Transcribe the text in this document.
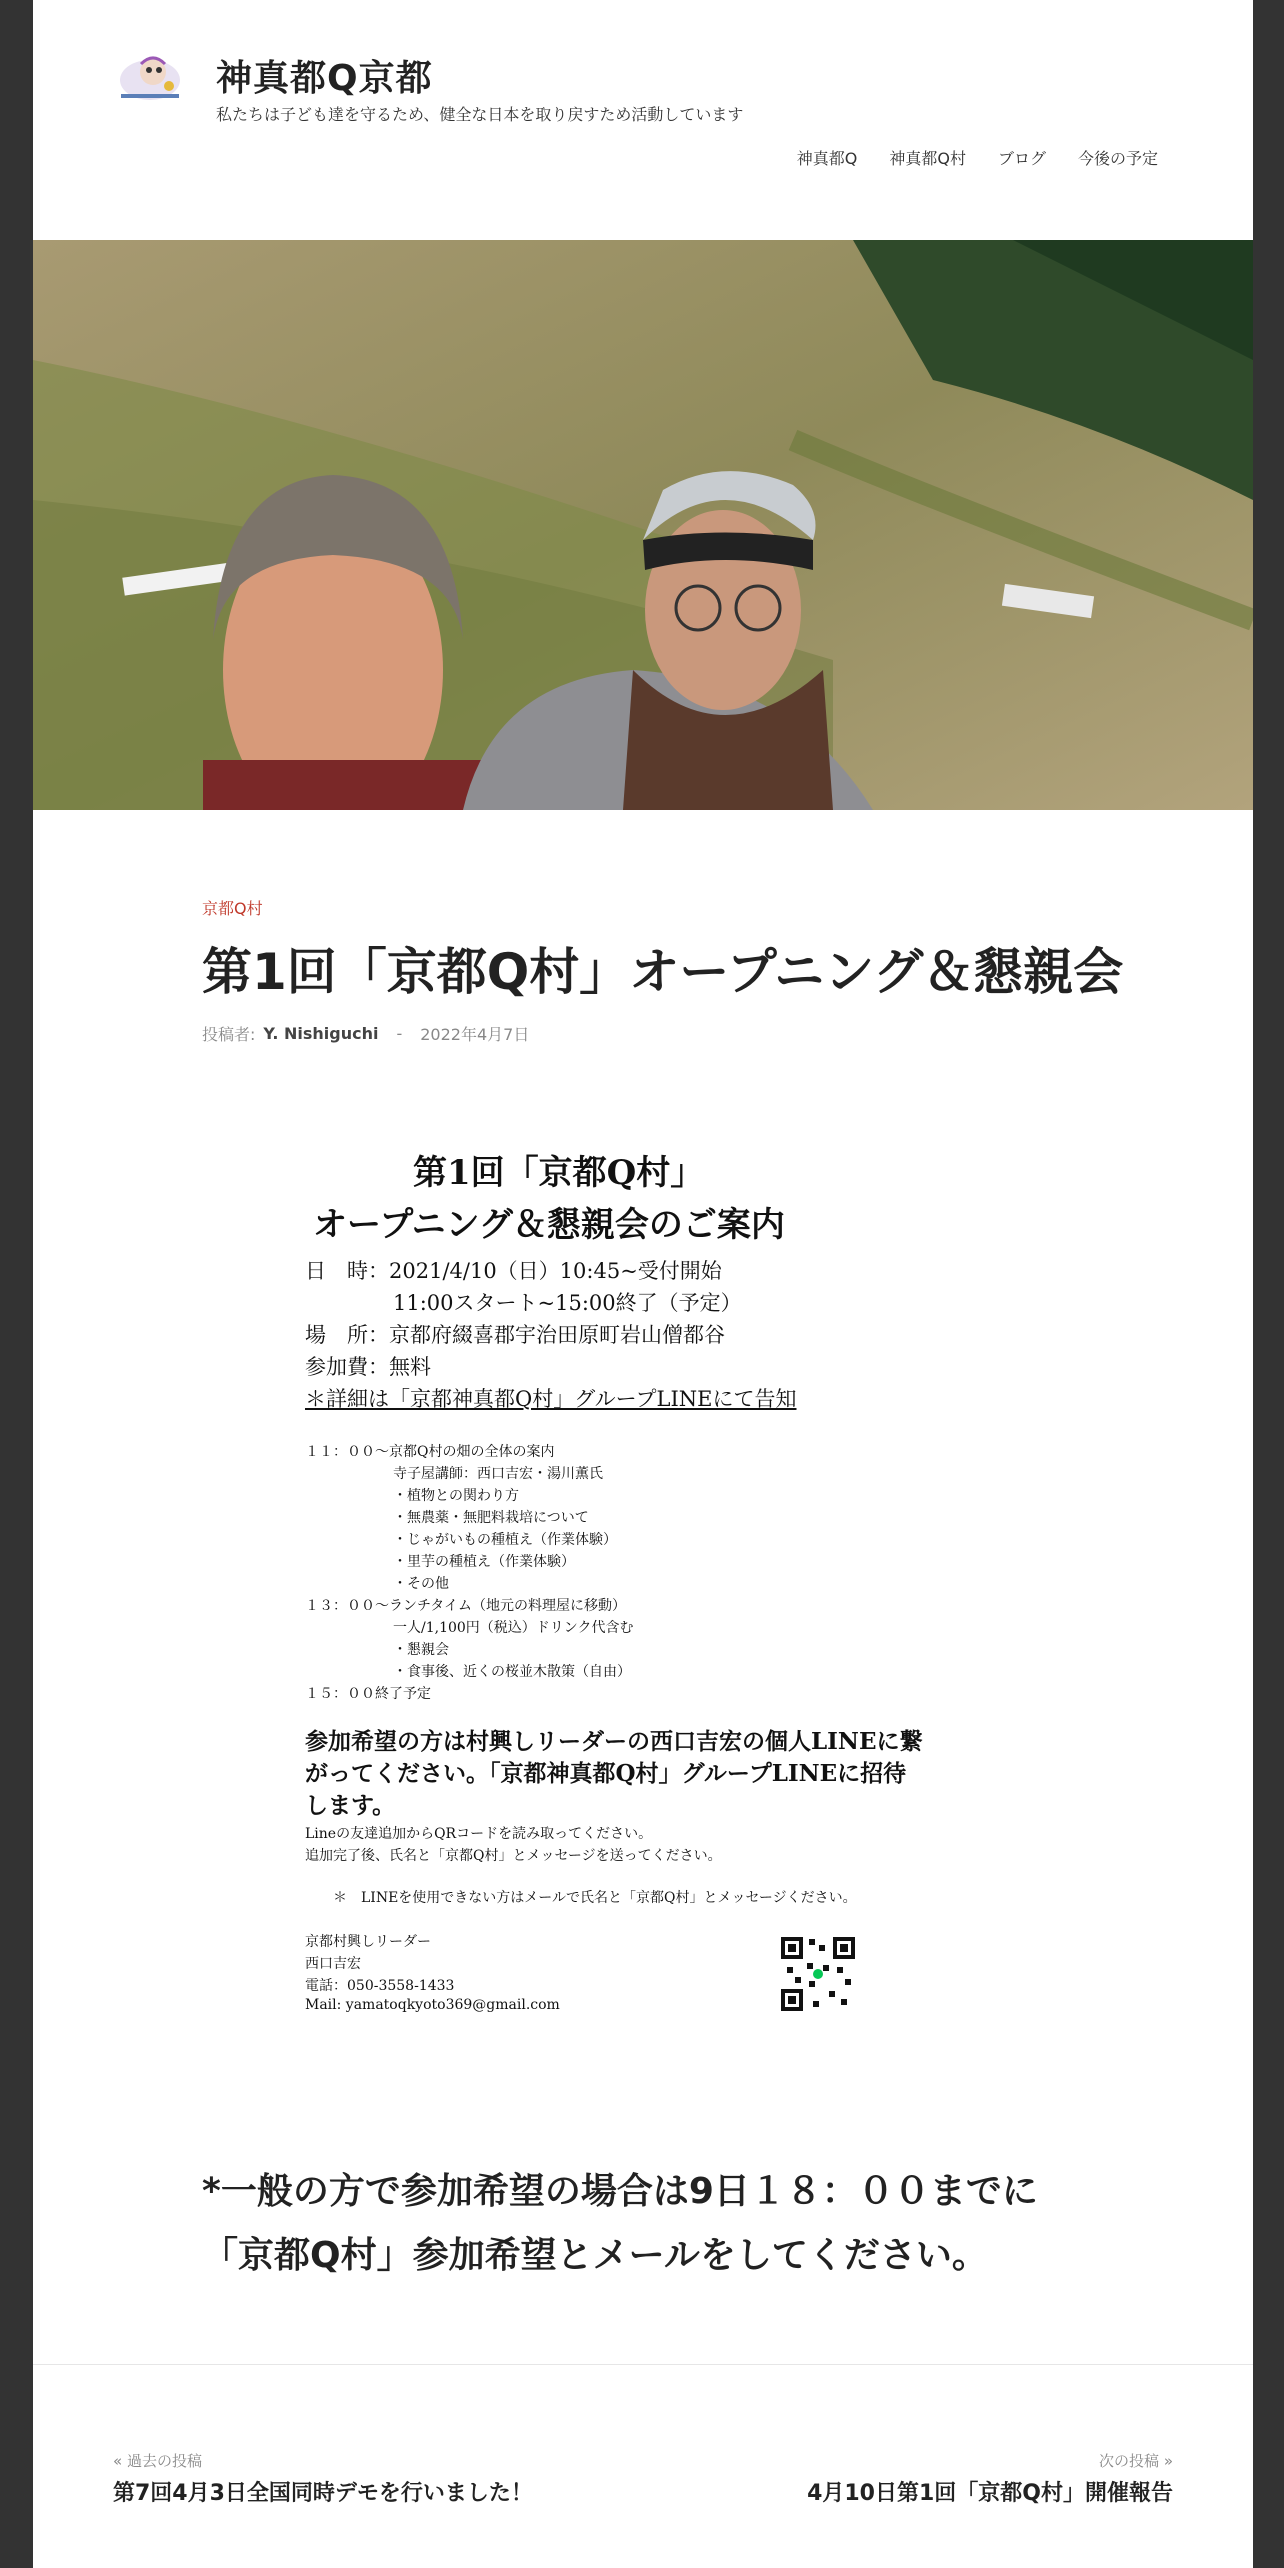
神真都Q京都
私たちは子ども達を守るため、健全な日本を取り戻すため活動しています
神真都Q 神真都Q村 ブログ 今後の予定
京都Q村
第1回「京都Q村」オープニング＆懇親会
投稿者: Y. Nishiguchi - 2022年4月7日
第1回「京都Q村」
オープニング＆懇親会のご案内
日　時：2021/4/10（日）10:45~受付開始
11:00スタート~15:00終了（予定）
場　所：京都府綴喜郡宇治田原町岩山僧都谷
参加費：無料
＊詳細は「京都神真都Q村」グループLINEにて告知
１１：００～京都Q村の畑の全体の案内
寺子屋講師：西口吉宏・湯川薫氏
・植物との関わり方
・無農薬・無肥料栽培について
・じゃがいもの種植え（作業体験）
・里芋の種植え（作業体験）
・その他
１３：００～ランチタイム（地元の料理屋に移動）
一人/1,100円（税込）ドリンク代含む
・懇親会
・食事後、近くの桜並木散策（自由）
１５：００終了予定
参加希望の方は村興しリーダーの西口吉宏の個人LINEに繋
がってください。「京都神真都Q村」グループLINEに招待
します。
Lineの友達追加からQRコードを読み取ってください。
追加完了後、氏名と「京都Q村」とメッセージを送ってください。
＊　LINEを使用できない方はメールで氏名と「京都Q村」とメッセージください。
京都村興しリーダー
西口吉宏
電話：050-3558-1433
Mail: yamatoqkyoto369@gmail.com
*一般の方で参加希望の場合は9日１８：００までに
「京都Q村」参加希望とメールをしてください。
« 過去の投稿
第7回4月3日全国同時デモを行いました！
次の投稿 »
4月10日第1回「京都Q村」開催報告
